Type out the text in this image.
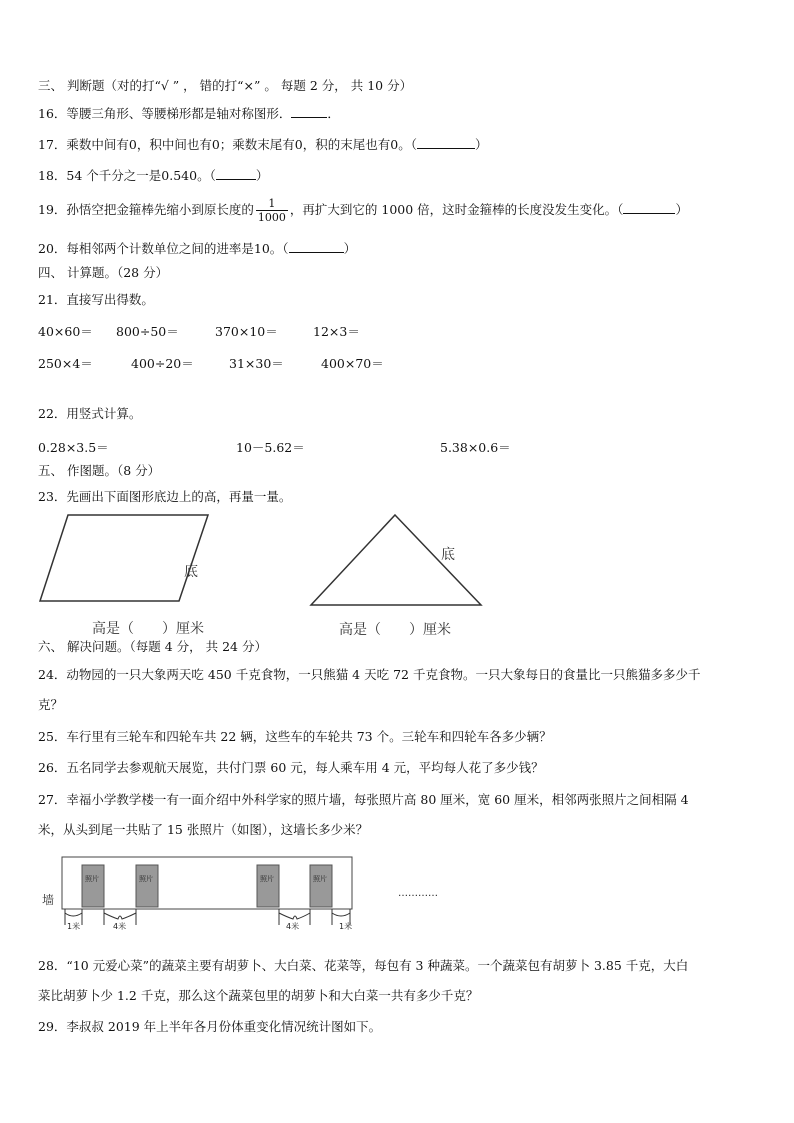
三、 判断题（对的打“√ ” ， 错的打“×” 。 每题 2 分， 共 10 分）
16．等腰三角形、等腰梯形都是轴对称图形．	．
17．乘数中间有0，积中间也有0；乘数末尾有0，积的末尾也有0。（	）
18．54 个千分之一是0.540。（	）
19．孙悟空把金箍棒先缩小到原长度的 $\frac{1}{1000}$ ，再扩大到它的 1000 倍，这时金箍棒的长度没发生变化。（	）
20．每相邻两个计数单位之间的进率是10。（	）
四、 计算题。（28 分）
21．直接写出得数。
40×60＝ 800÷50＝	370×10＝	12×3＝
250×4＝	400÷20＝	31×30＝	400×70＝
22．用竖式计算。
0.28×3.5＝	10－5.62＝	5.38×0.6＝
五、 作图题。（8 分）
23．先画出下面图形底边上的高，再量一量。
底
高是（　　）厘米
底
高是（　　）厘米
六、 解决问题。（每题 4 分， 共 24 分）
24．动物园的一只大象两天吃 450 千克食物，一只熊猫 4 天吃 72 千克食物。一只大象每日的食量比一只熊猫多多少千
克？
25．车行里有三轮车和四轮车共 22 辆，这些车的车轮共 73 个。三轮车和四轮车各多少辆？
26．五名同学去参观航天展览，共付门票 60 元，每人乘车用 4 元，平均每人花了多少钱？
27．幸福小学教学楼一有一面介绍中外科学家的照片墙，每张照片高 80 厘米，宽 60 厘米，相邻两张照片之间相隔 4
米，从头到尾一共贴了 15 张照片（如图），这墙长多少米？
墙
照片	照片	照片	照片
1米	4米	4米	1米
…………
28．“10 元爱心菜”的蔬菜主要有胡萝卜、大白菜、花菜等，每包有 3 种蔬菜。一个蔬菜包有胡萝卜 3.85 千克，大白
菜比胡萝卜少 1.2 千克，那么这个蔬菜包里的胡萝卜和大白菜一共有多少千克？
29．李叔叔 2019 年上半年各月份体重变化情况统计图如下。
